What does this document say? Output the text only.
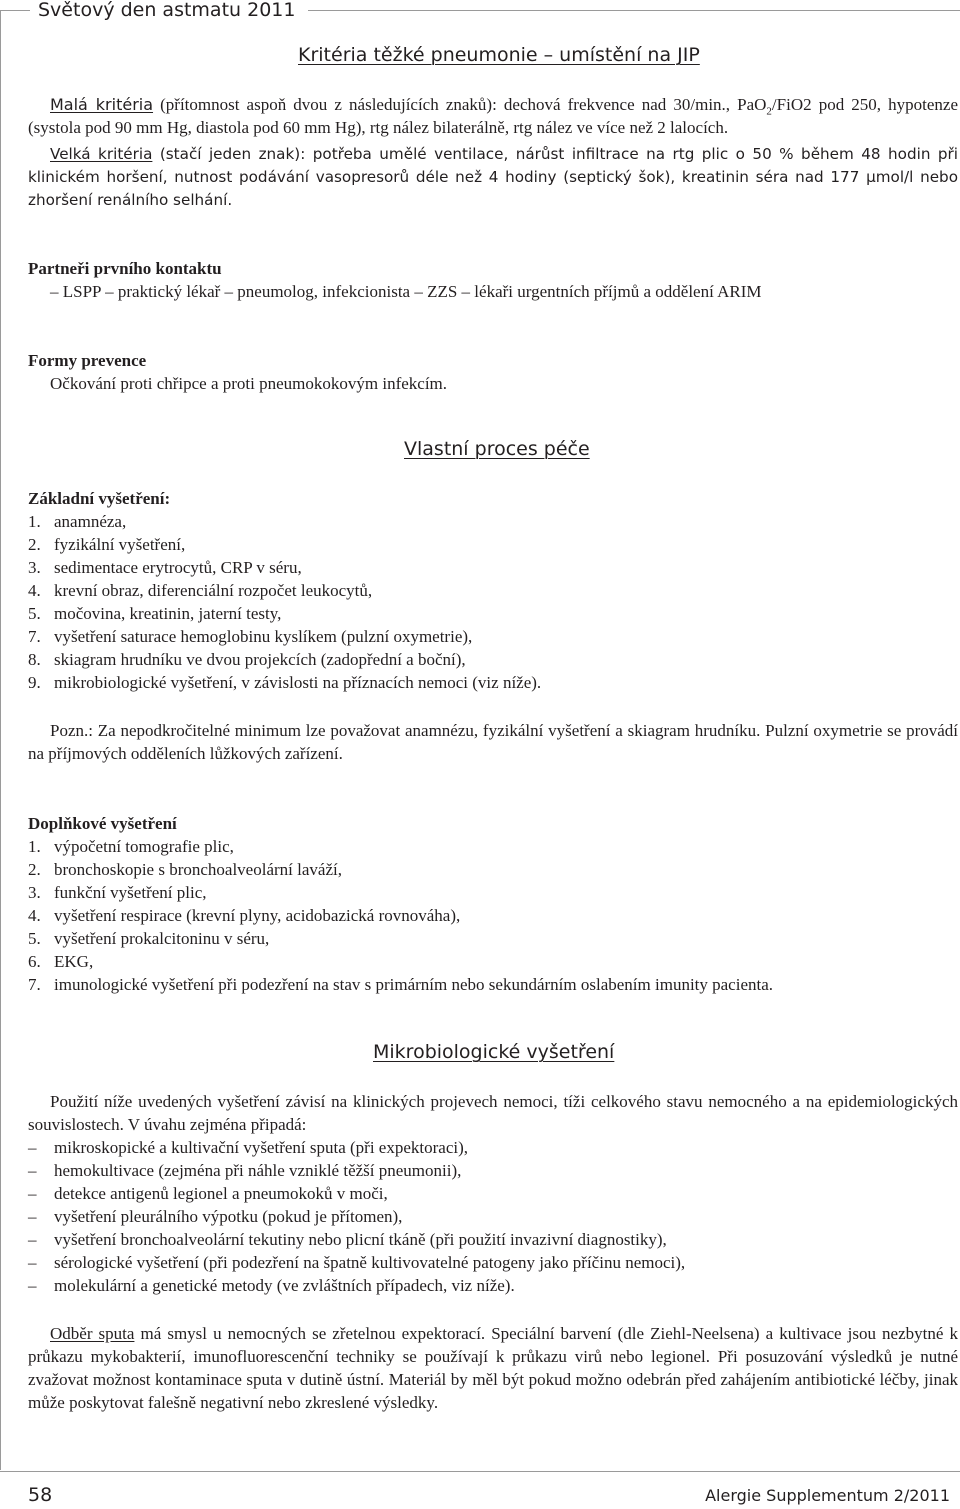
Světový den astmatu 2011
Kritéria těžké pneumonie – umístění na JIP
Malá kritéria (přítomnost aspoň dvou z následujících znaků): dechová frekvence nad 30/min., PaO$_2$/FiO2 pod 250, hypotenze (systola pod 90 mm Hg, diastola pod 60 mm Hg), rtg nález bilaterálně, rtg nález ve více než 2 lalocích.
Velká kritéria (stačí jeden znak): potřeba umělé ventilace, nárůst infiltrace na rtg plic o 50 % během 48 hodin při klinickém horšení, nutnost podávání vasopresorů déle než 4 hodiny (septický šok), kreatinin séra nad 177 µmol/l nebo zhoršení renálního selhání.
Partneři prvního kontaktu
– LSPP – praktický lékař – pneumolog, infekcionista – ZZS – lékaři urgentních příjmů a oddělení ARIM
Formy prevence
Očkování proti chřipce a proti pneumokokovým infekcím.
Vlastní proces péče
Základní vyšetření:
1. anamnéza,
2. fyzikální vyšetření,
3. sedimentace erytrocytů, CRP v séru,
4. krevní obraz, diferenciální rozpočet leukocytů,
5. močovina, kreatinin, jaterní testy,
7. vyšetření saturace hemoglobinu kyslíkem (pulzní oxymetrie),
8. skiagram hrudníku ve dvou projekcích (zadopřední a boční),
9. mikrobiologické vyšetření, v závislosti na příznacích nemoci (viz níže).
Pozn.: Za nepodkročitelné minimum lze považovat anamnézu, fyzikální vyšetření a skiagram hrudníku. Pulzní oxymetrie se provádí na příjmových odděleních lůžkových zařízení.
Doplňkové vyšetření
1. výpočetní tomografie plic,
2. bronchoskopie s bronchoalveolární laváží,
3. funkční vyšetření plic,
4. vyšetření respirace (krevní plyny, acidobazická rovnováha),
5. vyšetření prokalcitoninu v séru,
6. EKG,
7. imunologické vyšetření při podezření na stav s primárním nebo sekundárním oslabením imunity pacienta.
Mikrobiologické vyšetření
Použití níže uvedených vyšetření závisí na klinických projevech nemoci, tíži celkového stavu nemocného a na epidemiologických souvislostech. V úvahu zejména připadá:
– mikroskopické a kultivační vyšetření sputa (při expektoraci),
– hemokultivace (zejména při náhle vzniklé těžší pneumonii),
– detekce antigenů legionel a pneumokoků v moči,
– vyšetření pleurálního výpotku (pokud je přítomen),
– vyšetření bronchoalveolární tekutiny nebo plicní tkáně (při použití invazivní diagnostiky),
– sérologické vyšetření (při podezření na špatně kultivovatelné patogeny jako příčinu nemoci),
– molekulární a genetické metody (ve zvláštních případech, viz níže).
Odběr sputa má smysl u nemocných se zřetelnou expektorací. Speciální barvení (dle Ziehl-Neelsena) a kultivace jsou nezbytné k průkazu mykobakterií, imunofluorescenční techniky se používají k průkazu virů nebo legionel. Při posuzování výsledků je nutné zvažovat možnost kontaminace sputa v dutině ústní. Materiál by měl být pokud možno odebrán před zahájením antibiotické léčby, jinak může poskytovat falešně negativní nebo zkreslené výsledky.
58	Alergie Supplementum 2/2011
